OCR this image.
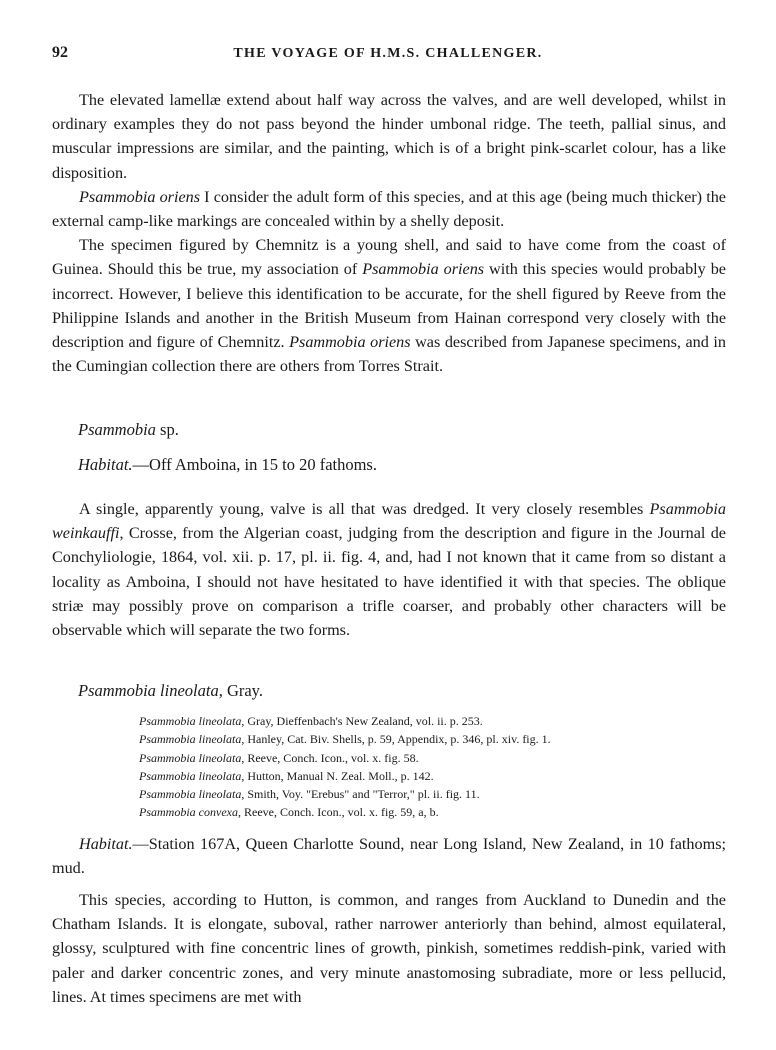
92	THE VOYAGE OF H.M.S. CHALLENGER.

The elevated lamellæ extend about half way across the valves, and are well developed, whilst in ordinary examples they do not pass beyond the hinder umbonal ridge. The teeth, pallial sinus, and muscular impressions are similar, and the painting, which is of a bright pink-scarlet colour, has a like disposition.

Psammobia oriens I consider the adult form of this species, and at this age (being much thicker) the external camp-like markings are concealed within by a shelly deposit.

The specimen figured by Chemnitz is a young shell, and said to have come from the coast of Guinea. Should this be true, my association of Psammobia oriens with this species would probably be incorrect. However, I believe this identification to be accurate, for the shell figured by Reeve from the Philippine Islands and another in the British Museum from Hainan correspond very closely with the description and figure of Chemnitz. Psammobia oriens was described from Japanese specimens, and in the Cumingian collection there are others from Torres Strait.

Psammobia sp.
Habitat.—Off Amboina, in 15 to 20 fathoms.

A single, apparently young, valve is all that was dredged. It very closely resembles Psammobia weinkauffi, Crosse, from the Algerian coast, judging from the description and figure in the Journal de Conchyliologie, 1864, vol. xii. p. 17, pl. ii. fig. 4, and, had I not known that it came from so distant a locality as Amboina, I should not have hesitated to have identified it with that species. The oblique striæ may possibly prove on comparison a trifle coarser, and probably other characters will be observable which will separate the two forms.

Psammobia lineolata, Gray.
Psammobia lineolata, Gray, Dieffenbach's New Zealand, vol. ii. p. 253.
Psammobia lineolata, Hanley, Cat. Biv. Shells, p. 59, Appendix, p. 346, pl. xiv. fig. 1.
Psammobia lineolata, Reeve, Conch. Icon., vol. x. fig. 58.
Psammobia lineolata, Hutton, Manual N. Zeal. Moll., p. 142.
Psammobia lineolata, Smith, Voy. "Erebus" and "Terror," pl. ii. fig. 11.
Psammobia convexa, Reeve, Conch. Icon., vol. x. fig. 59, a, b.

Habitat.—Station 167A, Queen Charlotte Sound, near Long Island, New Zealand, in 10 fathoms; mud.

This species, according to Hutton, is common, and ranges from Auckland to Dunedin and the Chatham Islands. It is elongate, suboval, rather narrower anteriorly than behind, almost equilateral, glossy, sculptured with fine concentric lines of growth, pinkish, sometimes reddish-pink, varied with paler and darker concentric zones, and very minute anastomosing subradiate, more or less pellucid, lines. At times specimens are met with
